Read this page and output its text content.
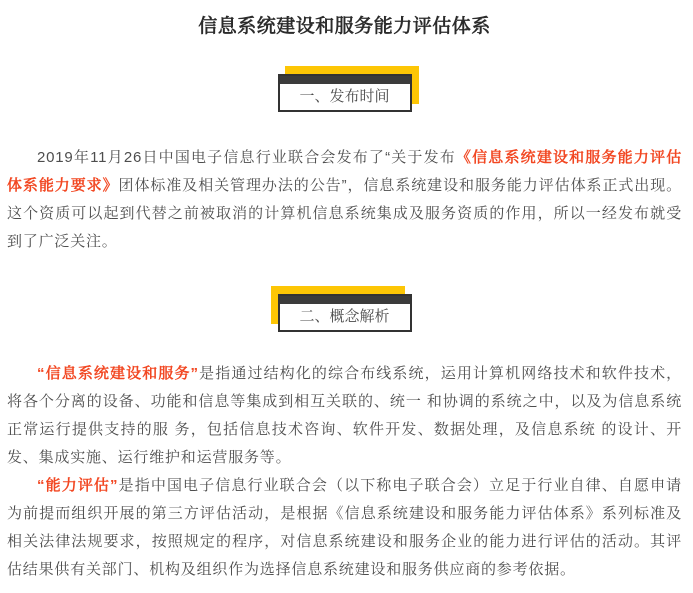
信息系统建设和服务能力评估体系
一、发布时间

2019年11月26日中国电子信息行业联合会发布了“关于发布《信息系统建设和服务能力评估体系能力要求》团体标准及相关管理办法的公告”，信息系统建设和服务能力评估体系正式出现。这个资质可以起到代替之前被取消的计算机信息系统集成及服务资质的作用，所以一经发布就受到了广泛关注。

二、概念解析

“信息系统建设和服务”是指通过结构化的综合布线系统，运用计算机网络技术和软件技术，将各个分离的设备、功能和信息等集成到相互关联的、统一 和协调的系统之中，以及为信息系统正常运行提供支持的服 务，包括信息技术咨询、软件开发、数据处理，及信息系统 的设计、开发、集成实施、运行维护和运营服务等。

“能力评估”是指中国电子信息行业联合会（以下称电子联合会）立足于行业自律、自愿申请为前提而组织开展的第三方评估活动，是根据《信息系统建设和服务能力评估体系》系列标准及相关法律法规要求，按照规定的程序，对信息系统建设和服务企业的能力进行评估的活动。其评估结果供有关部门、机构及组织作为选择信息系统建设和服务供应商的参考依据。
